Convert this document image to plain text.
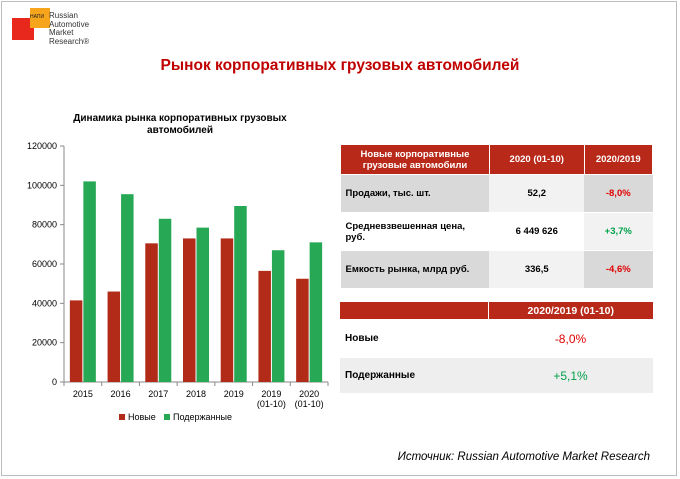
НАПИ Russian
Automotive
Market
Research®
Рынок корпоративных грузовых автомобилей
Динамика рынка корпоративных грузовых автомобилей
0
20000
40000
60000
80000
100000
120000
2015 2016 2017 2018 2019	2019 (01-10)
2020 (01-10)
Новые Подержанные
Новые корпоративные грузовые автомобили	2020 (01-10)	2020/2019
Продажи, тыс. шт.	52,2	-8,0%
Средневзвешенная цена, руб.	6 449 626	+3,7%
Емкость рынка, млрд руб.	336,5	-4,6%
	2020/2019 (01-10)
Новые	-8,0%
Подержанные	+5,1%
Источник: Russian Automotive Market Research
